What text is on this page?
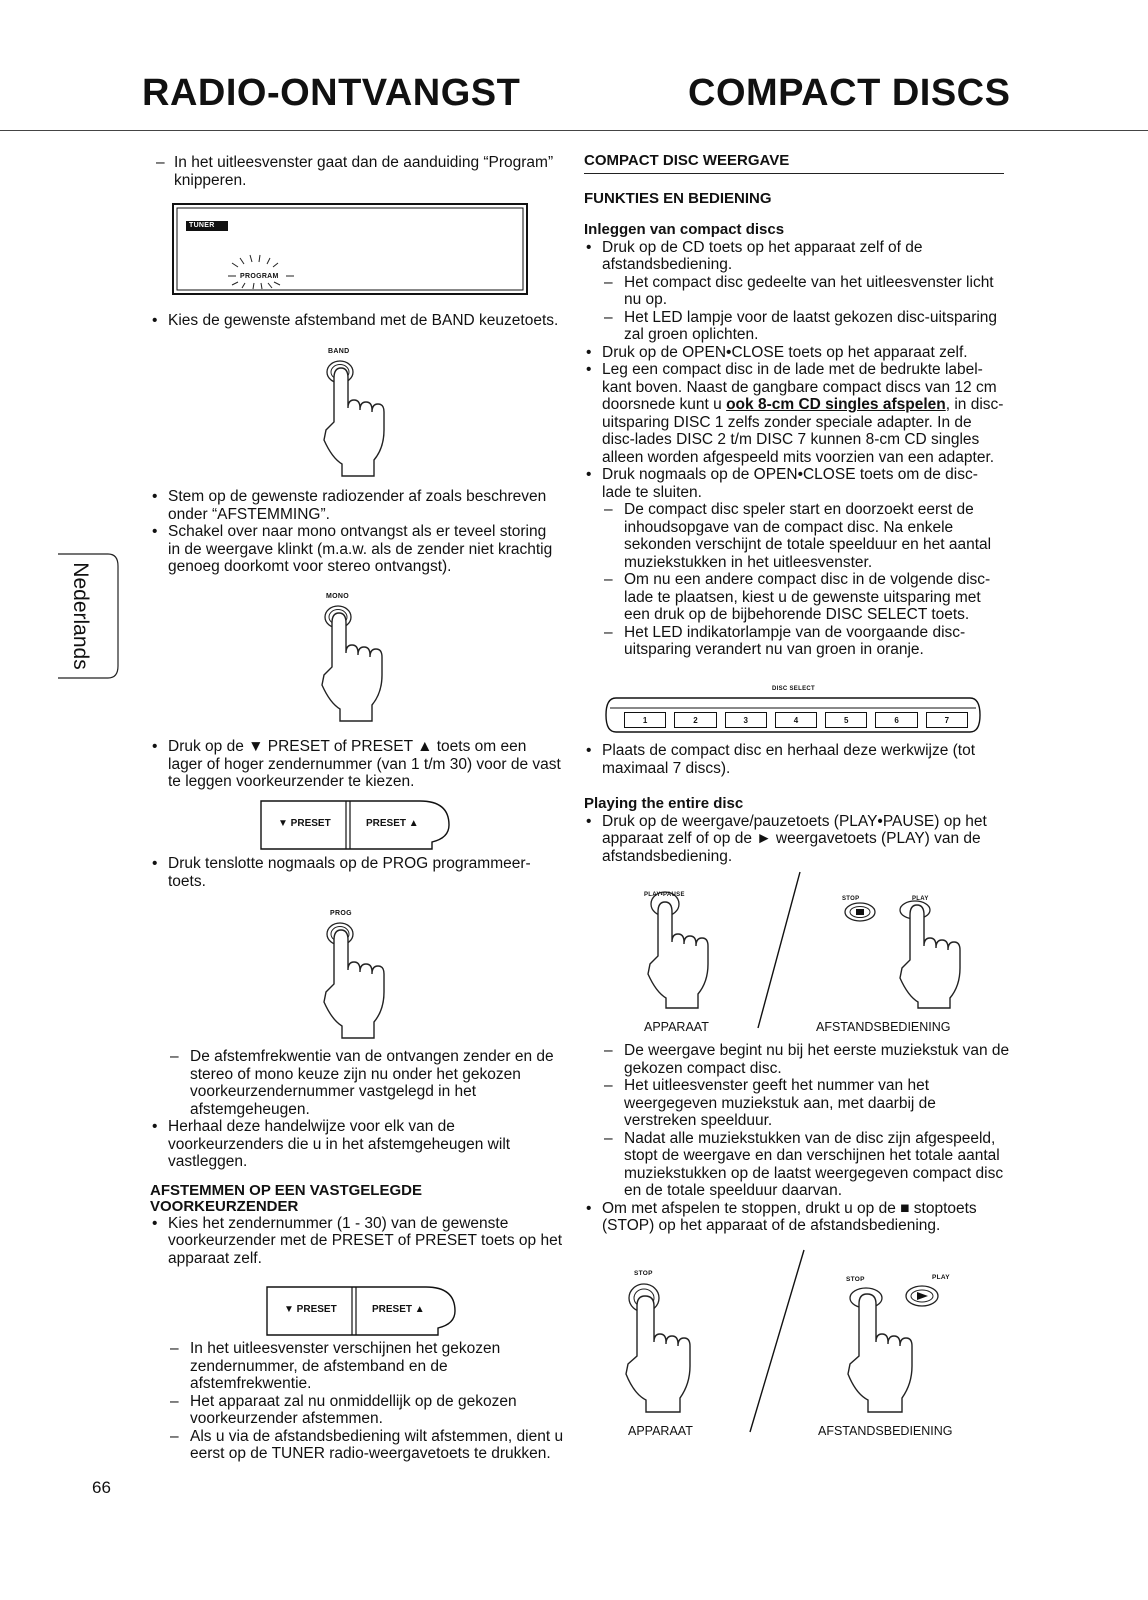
RADIO-ONTVANGST	COMPACT DISCS
Nederlands

– In het uitleesvenster gaat dan de aanduiding “Program” knipperen.

TUNER
PROGRAM

• Kies de gewenste afstemband met de BAND keuzetoets.

BAND

• Stem op de gewenste radiozender af zoals beschreven onder “AFSTEMMING”.

• Schakel over naar mono ontvangst als er teveel storing in de weergave klinkt (m.a.w. als de zender niet krachtig genoeg doorkomt voor stereo ontvangst).

MONO

• Druk op de ▼ PRESET of PRESET ▲ toets om een lager of hoger zendernummer (van 1 t/m 30) voor de vast te leggen voorkeurzender te kiezen.

▼ PRESET	PRESET ▲

• Druk tenslotte nogmaals op de PROG programmeer-toets.

PROG

– De afstemfrekwentie van de ontvangen zender en de stereo of mono keuze zijn nu onder het gekozen voorkeurzendernummer vastgelegd in het afstemgeheugen.

• Herhaal deze handelwijze voor elk van de voorkeurzenders die u in het afstemgeheugen wilt vastleggen.

AFSTEMMEN OP EEN VASTGELEGDE VOORKEURZENDER

• Kies het zendernummer (1 - 30) van de gewenste voorkeurzender met de PRESET of PRESET toets op het apparaat zelf.

▼ PRESET	PRESET ▲

– In het uitleesvenster verschijnen het gekozen zendernummer, de afstemband en de afstemfrekwentie.

– Het apparaat zal nu onmiddellijk op de gekozen voorkeurzender afstemmen.

– Als u via de afstandsbediening wilt afstemmen, dient u eerst op de TUNER radio-weergavetoets te drukken.

66

COMPACT DISC WEERGAVE

FUNKTIES EN BEDIENING

Inleggen van compact discs

• Druk op de CD toets op het apparaat zelf of de afstandsbediening.

– Het compact disc gedeelte van het uitleesvenster licht nu op.

– Het LED lampje voor de laatst gekozen disc-uitsparing zal groen oplichten.

• Druk op de OPEN•CLOSE toets op het apparaat zelf.

• Leg een compact disc in de lade met de bedrukte label-kant boven. Naast de gangbare compact discs van 12 cm doorsnede kunt u ook 8-cm CD singles afspelen, in disc-uitsparing DISC 1 zelfs zonder speciale adapter. In de disc-lades DISC 2 t/m DISC 7 kunnen 8-cm CD singles alleen worden afgespeeld mits voorzien van een adapter.

• Druk nogmaals op de OPEN•CLOSE toets om de disc-lade te sluiten.

– De compact disc speler start en doorzoekt eerst de inhoudsopgave van de compact disc. Na enkele sekonden verschijnt de totale speelduur en het aantal muziekstukken in het uitleesvenster.

– Om nu een andere compact disc in de volgende disc-lade te plaatsen, kiest u de gewenste uitsparing met een druk op de bijbehorende DISC SELECT toets.

– Het LED indikatorlampje van de voorgaande disc-uitsparing verandert nu van groen in oranje.

DISC SELECT
1	2	3	4	5	6	7

• Plaats de compact disc en herhaal deze werkwijze (tot maximaal 7 discs).

Playing the entire disc

• Druk op de weergave/pauzetoets (PLAY•PAUSE) op het apparaat zelf of op de ► weergavetoets (PLAY) van de afstandsbediening.

PLAY•PAUSE
STOP	PLAY
APPARAAT	AFSTANDSBEDIENING

– De weergave begint nu bij het eerste muziekstuk van de gekozen compact disc.

– Het uitleesvenster geeft het nummer van het weergegeven muziekstuk aan, met daarbij de verstreken speelduur.

– Nadat alle muziekstukken van de disc zijn afgespeeld, stopt de weergave en dan verschijnen het totale aantal muziekstukken op de laatst weergegeven compact disc en de totale speelduur daarvan.

• Om met afspelen te stoppen, drukt u op de ■ stoptoets (STOP) op het apparaat of de afstandsbediening.

STOP
STOP	PLAY
APPARAAT	AFSTANDSBEDIENING
